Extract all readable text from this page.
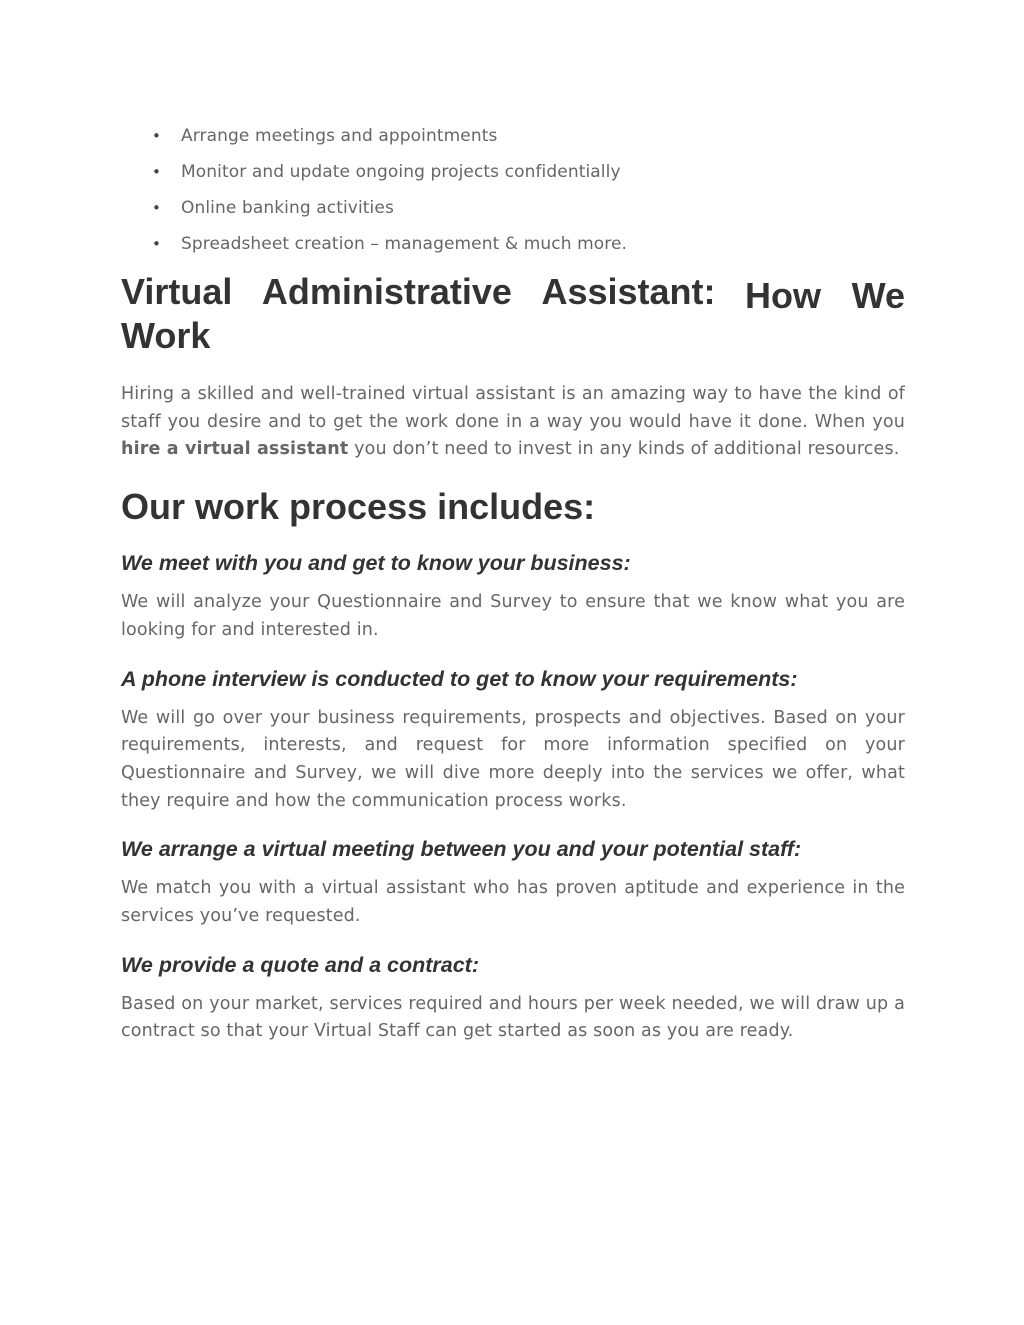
• Arrange meetings and appointments
• Monitor and update ongoing projects confidentially
• Online banking activities
• Spreadsheet creation – management & much more.
Virtual Administrative Assistant: How We
Work

Hiring a skilled and well-trained virtual assistant is an amazing way to have the kind of staff you desire and to get the work done in a way you would have it done. When you hire a virtual assistant you don’t need to invest in any kinds of additional resources.

Our work process includes:
We meet with you and get to know your business:

We will analyze your Questionnaire and Survey to ensure that we know what you are looking for and interested in.

A phone interview is conducted to get to know your requirements:

We will go over your business requirements, prospects and objectives. Based on your requirements, interests, and request for more information specified on your Questionnaire and Survey, we will dive more deeply into the services we offer, what they require and how the communication process works.

We arrange a virtual meeting between you and your potential staff:

We match you with a virtual assistant who has proven aptitude and experience in the services you’ve requested.

We provide a quote and a contract:

Based on your market, services required and hours per week needed, we will draw up a contract so that your Virtual Staff can get started as soon as you are ready.
